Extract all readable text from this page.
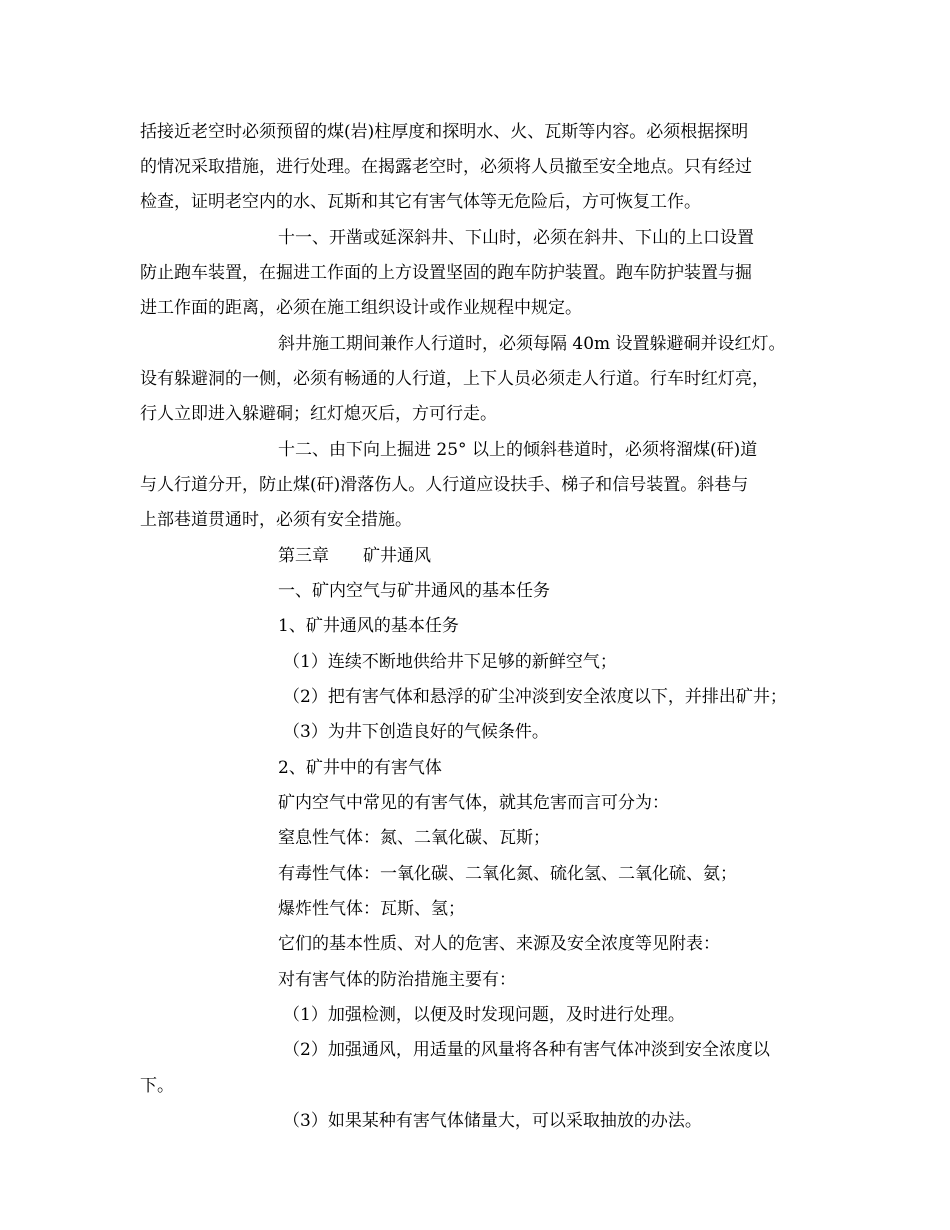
括接近老空时必须预留的煤(岩)柱厚度和探明水、火、瓦斯等内容。必须根据探明
的情况采取措施，进行处理。在揭露老空时，必须将人员撤至安全地点。只有经过
检查，证明老空内的水、瓦斯和其它有害气体等无危险后，方可恢复工作。
十一、开凿或延深斜井、下山时，必须在斜井、下山的上口设置
防止跑车装置，在掘进工作面的上方设置坚固的跑车防护装置。跑车防护装置与掘
进工作面的距离，必须在施工组织设计或作业规程中规定。
斜井施工期间兼作人行道时，必须每隔 40m 设置躲避硐并设红灯。
设有躲避洞的一侧，必须有畅通的人行道，上下人员必须走人行道。行车时红灯亮，
行人立即进入躲避硐；红灯熄灭后，方可行走。
十二、由下向上掘进 25° 以上的倾斜巷道时，必须将溜煤(矸)道
与人行道分开，防止煤(矸)滑落伤人。人行道应设扶手、梯子和信号装置。斜巷与
上部巷道贯通时，必须有安全措施。
第三章　　矿井通风
一、矿内空气与矿井通风的基本任务
1、矿井通风的基本任务
（1）连续不断地供给井下足够的新鲜空气；
（2）把有害气体和悬浮的矿尘冲淡到安全浓度以下，并排出矿井；
（3）为井下创造良好的气候条件。
2、矿井中的有害气体
矿内空气中常见的有害气体，就其危害而言可分为：
窒息性气体：氮、二氧化碳、瓦斯；
有毒性气体：一氧化碳、二氧化氮、硫化氢、二氧化硫、氨；
爆炸性气体：瓦斯、氢；
它们的基本性质、对人的危害、来源及安全浓度等见附表：
对有害气体的防治措施主要有：
（1）加强检测，以便及时发现问题，及时进行处理。
（2）加强通风，用适量的风量将各种有害气体冲淡到安全浓度以
下。
（3）如果某种有害气体储量大，可以采取抽放的办法。
